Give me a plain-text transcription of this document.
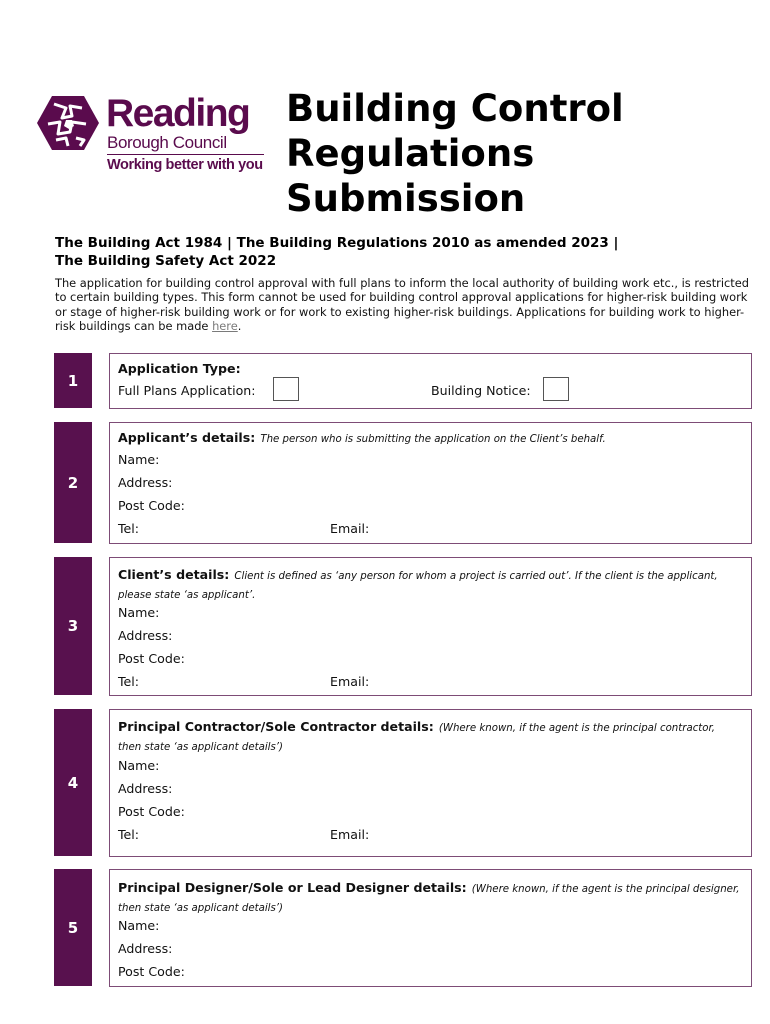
Reading
Borough Council
Working better with you
Building Control
Regulations
Submission
The Building Act 1984 | The Building Regulations 2010 as amended 2023 |
The Building Safety Act 2022
The application for building control approval with full plans to inform the local authority of building work etc., is restricted to certain building types. This form cannot be used for building control approval applications for higher-risk building work or stage of higher-risk building work or for work to existing higher-risk buildings. Applications for building work to higher-risk buildings can be made here.
1
Application Type:
Full Plans Application:	Building Notice:
2
Applicant’s details: The person who is submitting the application on the Client’s behalf.
Name:
Address:
Post Code:
Tel:	Email:
3
Client’s details: Client is defined as ‘any person for whom a project is carried out’. If the client is the applicant, please state ‘as applicant’.
Name:
Address:
Post Code:
Tel:	Email:
4
Principal Contractor/Sole Contractor details: (Where known, if the agent is the principal contractor, then state ‘as applicant details’)
Name:
Address:
Post Code:
Tel:	Email:
5
Principal Designer/Sole or Lead Designer details: (Where known, if the agent is the principal designer, then state ‘as applicant details’)
Name:
Address:
Post Code:
